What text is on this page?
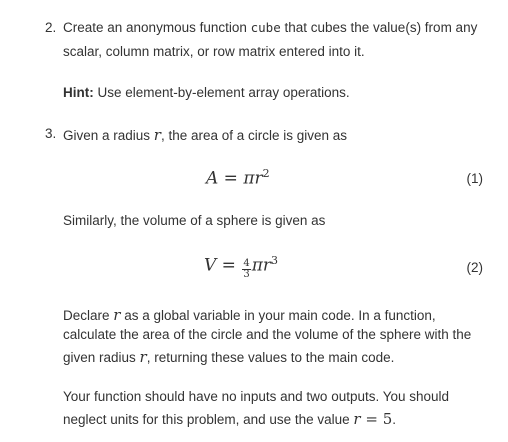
2. Create an anonymous function cube that cubes the value(s) from any
scalar, column matrix, or row matrix entered into it.
Hint: Use element-by-element array operations.
3. Given a radius r, the area of a circle is given as
$A = \pi r^2$	(1)
Similarly, the volume of a sphere is given as
$V = \frac{4}{3} \pi r^3$	(2)
Declare r as a global variable in your main code. In a function,
calculate the area of the circle and the volume of the sphere with the
given radius r, returning these values to the main code.
Your function should have no inputs and two outputs. You should
neglect units for this problem, and use the value r = 5.
